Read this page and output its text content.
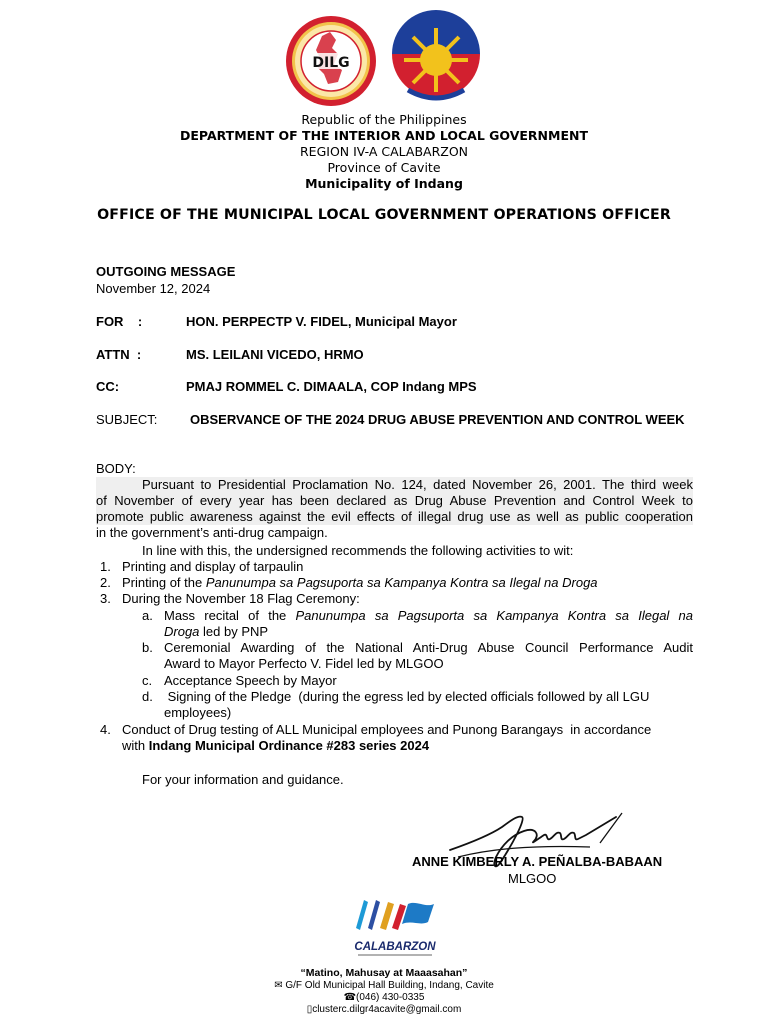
DILG
Republic of the Philippines
DEPARTMENT OF THE INTERIOR AND LOCAL GOVERNMENT
REGION IV-A CALABARZON
Province of Cavite
Municipality of Indang
OFFICE OF THE MUNICIPAL LOCAL GOVERNMENT OPERATIONS OFFICER
OUTGOING MESSAGE
November 12, 2024
FOR    :	HON. PERPECTP V. FIDEL, Municipal Mayor
ATTN  :	MS. LEILANI VICEDO, HRMO
CC:	PMAJ ROMMEL C. DIMAALA, COP Indang MPS
SUBJECT:	OBSERVANCE OF THE 2024 DRUG ABUSE PREVENTION AND CONTROL WEEK
BODY:
Pursuant to Presidential Proclamation No. 124, dated November 26, 2001. The third week
of November of every year has been declared as Drug Abuse Prevention and Control Week to
promote public awareness against the evil effects of illegal drug use as well as public cooperation
in the government’s anti-drug campaign.
In line with this, the undersigned recommends the following activities to wit:
1. Printing and display of tarpaulin
2. Printing of the Panunumpa sa Pagsuporta sa Kampanya Kontra sa Ilegal na Droga
3. During the November 18 Flag Ceremony:
a. Mass recital of the Panunumpa sa Pagsuporta sa Kampanya Kontra sa Ilegal na
Droga led by PNP
b. Ceremonial Awarding of the National Anti-Drug Abuse Council Performance Audit
Award to Mayor Perfecto V. Fidel led by MLGOO
c. Acceptance Speech by Mayor
d. Signing of the Pledge  (during the egress led by elected officials followed by all LGU
employees)
4. Conduct of Drug testing of ALL Municipal employees and Punong Barangays  in accordance
with Indang Municipal Ordinance #283 series 2024
For your information and guidance.
ANNE KIMBERLY A. PEÑALBA-BABAAN
MLGOO
CALABARZON
“Matino, Mahusay at Maaasahan”
✉ G/F Old Municipal Hall Building, Indang, Cavite
☎(046) 430-0335
▯clusterc.dilgr4acavite@gmail.com
